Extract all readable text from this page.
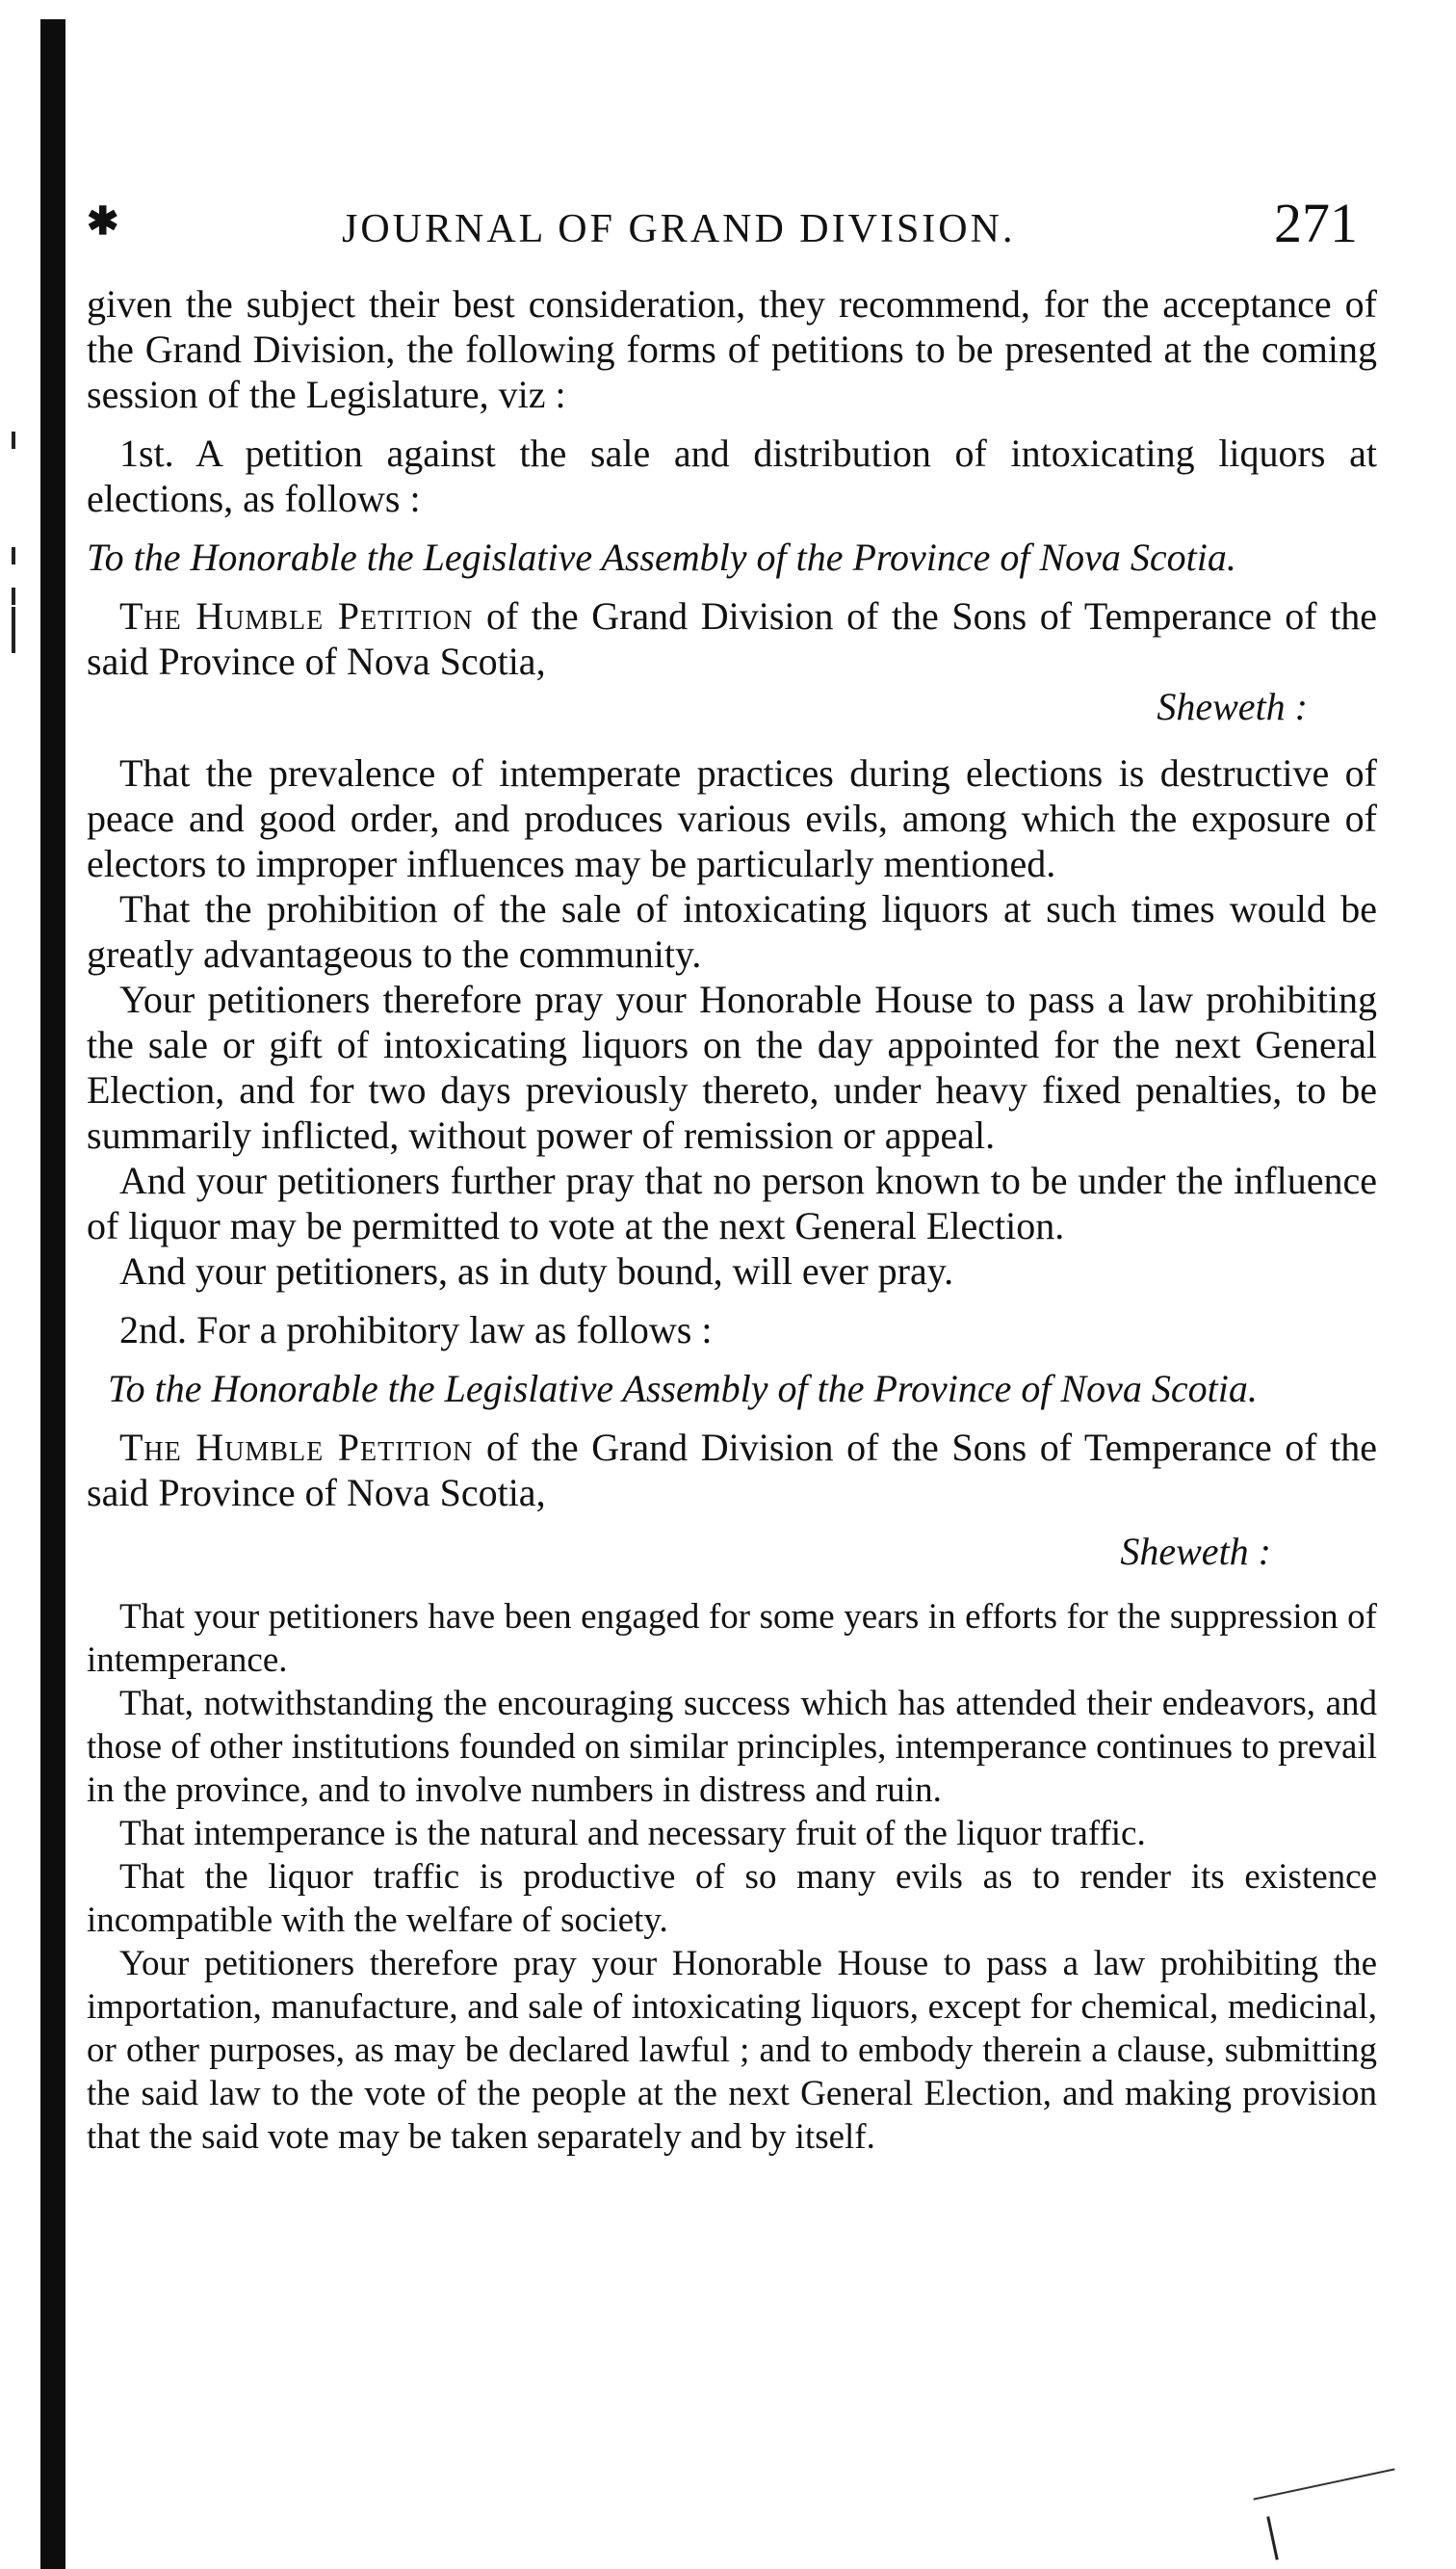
✱	JOURNAL OF GRAND DIVISION.	271

given the subject their best consideration, they recommend, for the acceptance of the Grand Division, the following forms of petitions to be presented at the coming session of the Legislature, viz :

1st. A petition against the sale and distribution of intoxicating liquors at elections, as follows :

To the Honorable the Legislative Assembly of the Province of Nova Scotia.

The Humble Petition of the Grand Division of the Sons of Temperance of the said Province of Nova Scotia,

Sheweth :

That the prevalence of intemperate practices during elections is destructive of peace and good order, and produces various evils, among which the exposure of electors to improper influences may be particularly mentioned.

That the prohibition of the sale of intoxicating liquors at such times would be greatly advantageous to the community.

Your petitioners therefore pray your Honorable House to pass a law prohibiting the sale or gift of intoxicating liquors on the day appointed for the next General Election, and for two days previously thereto, under heavy fixed penalties, to be summarily inflicted, without power of remission or appeal.

And your petitioners further pray that no person known to be under the influence of liquor may be permitted to vote at the next General Election.

And your petitioners, as in duty bound, will ever pray.

2nd. For a prohibitory law as follows :

To the Honorable the Legislative Assembly of the Province of Nova Scotia.

The Humble Petition of the Grand Division of the Sons of Temperance of the said Province of Nova Scotia,

Sheweth :

That your petitioners have been engaged for some years in efforts for the suppression of intemperance.

That, notwithstanding the encouraging success which has attended their endeavors, and those of other institutions founded on similar principles, intemperance continues to prevail in the province, and to involve numbers in distress and ruin.

That intemperance is the natural and necessary fruit of the liquor traffic.

That the liquor traffic is productive of so many evils as to render its existence incompatible with the welfare of society.

Your petitioners therefore pray your Honorable House to pass a law prohibiting the importation, manufacture, and sale of intoxicating liquors, except for chemical, medicinal, or other purposes, as may be declared lawful ; and to embody therein a clause, submitting the said law to the vote of the people at the next General Election, and making provision that the said vote may be taken separately and by itself.
